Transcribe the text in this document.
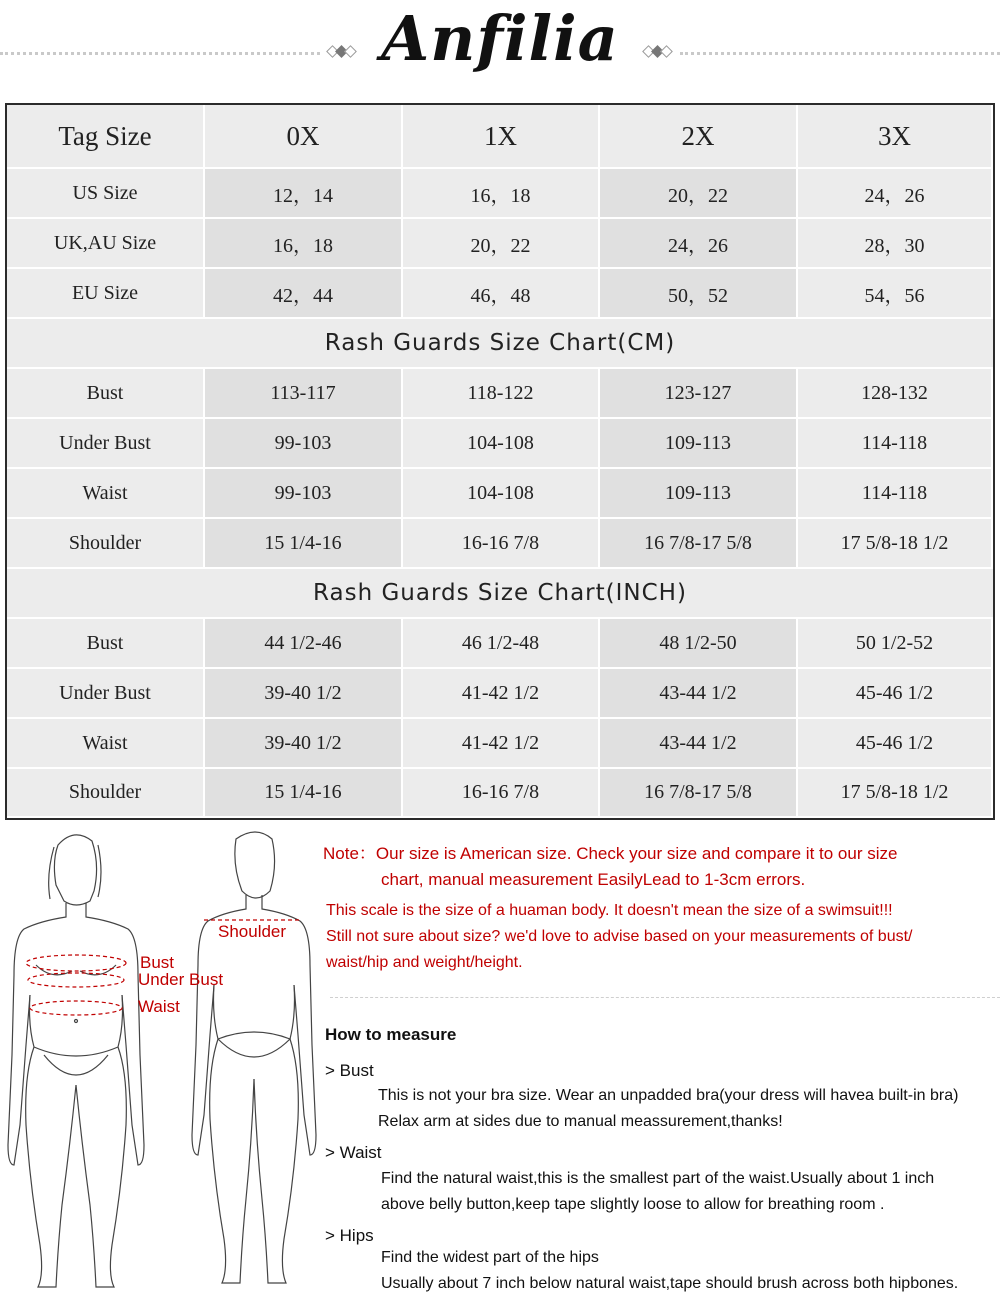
Anfilia
Tag Size	0X	1X	2X	3X
US Size	12，14	16，18	20，22	24，26
UK,AU Size	16，18	20，22	24，26	28，30
EU Size	42，44	46，48	50，52	54，56
Rash Guards Size Chart(CM)
Bust	113-117	118-122	123-127	128-132
Under Bust	99-103	104-108	109-113	114-118
Waist	99-103	104-108	109-113	114-118
Shoulder	15 1/4-16	16-16 7/8	16 7/8-17 5/8	17 5/8-18 1/2
Rash Guards Size Chart(INCH)
Bust	44 1/2-46	46 1/2-48	48 1/2-50	50 1/2-52
Under Bust	39-40 1/2	41-42 1/2	43-44 1/2	45-46 1/2
Waist	39-40 1/2	41-42 1/2	43-44 1/2	45-46 1/2
Shoulder	15 1/4-16	16-16 7/8	16 7/8-17 5/8	17 5/8-18 1/2
Bust
Under Bust
Waist
Shoulder
Note：Our size is American size. Check your size and compare it to our size
chart, manual measurement EasilyLead to 1-3cm errors.
This scale is the size of a huaman body. It doesn't mean the size of a swimsuit!!!
Still not sure about size? we'd love to advise based on your measurements of bust/
waist/hip and weight/height.
How to measure
> Bust
This is not your bra size. Wear an unpadded bra(your dress will havea built-in bra)
Relax arm at sides due to manual meassurement,thanks!
> Waist
Find the natural waist,this is the smallest part of the waist.Usually about 1 inch
above belly button,keep tape slightly loose to allow for breathing room .
> Hips
Find the widest part of the hips
Usually about 7 inch below natural waist,tape should brush across both hipbones.
